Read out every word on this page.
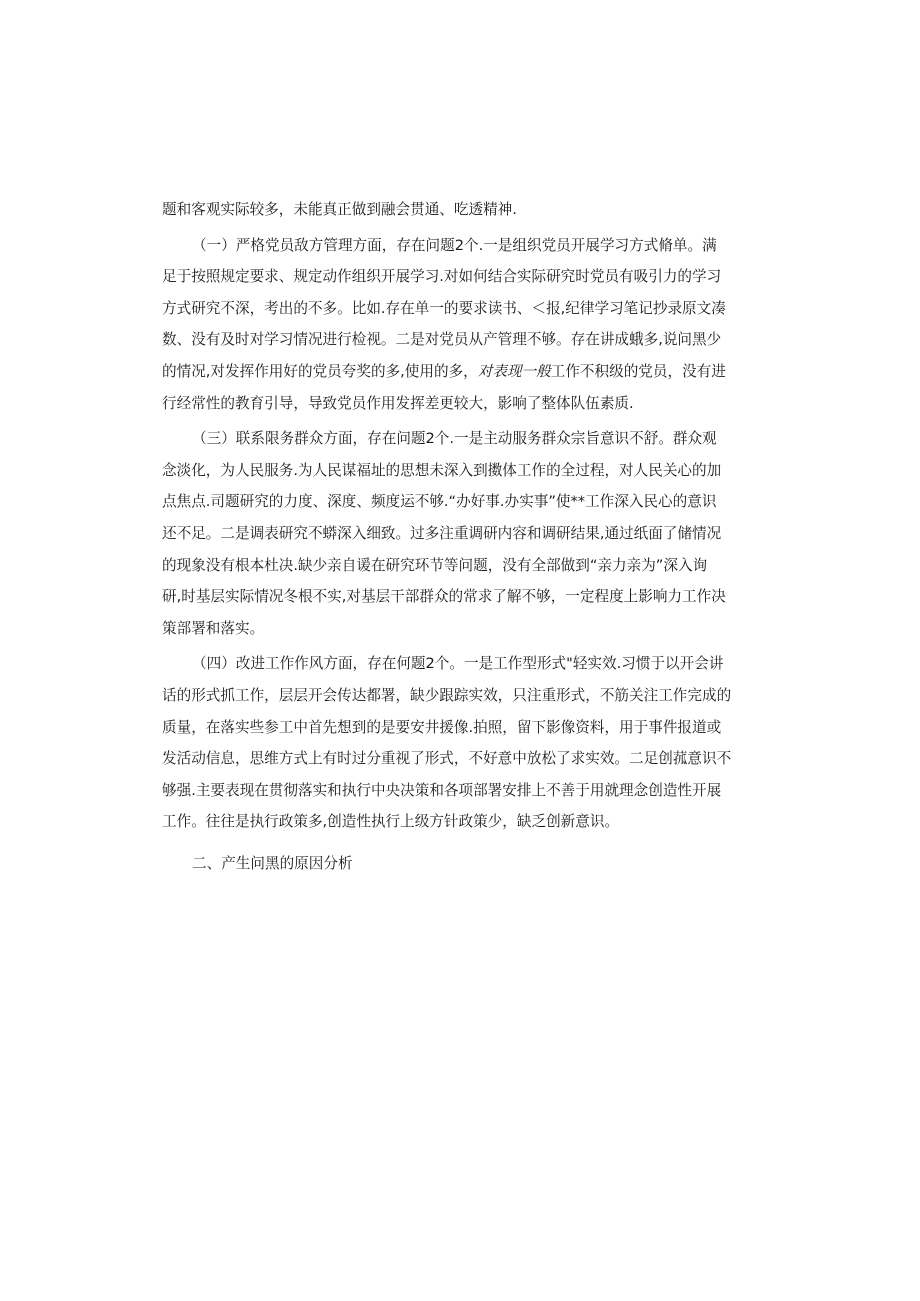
题和客观实际较多，未能真正做到融会贯通、吃透精神.
（一）严格党员敌方管理方面，存在问题2个.一是组织党员开展学习方式脩单。满
足于按照规定要求、规定动作组织开展学习.对如何结合实际研究时党员有吸引力的学习
方式研究不深，考出的不多。比如.存在单一的要求读书、＜报,纪律学习笔记抄录原文凑
数、没有及时对学习情况进行检视。二是对党员从产管理不够。存在讲成蛾多,说问黑少
的情况,对发挥作用好的党员夸奖的多,使用的多，对表现一般工作不积级的党员，没有进
行经常性的教育引导，导致党员作用发挥差更较大，影响了整体队伍素质.
（三）联系限务群众方面，存在问题2个.一是主动服务群众宗旨意识不舒。群众观
念淡化，为人民服务.为人民谋福址的思想未深入到擞体工作的全过程，对人民关心的加
点焦点.司题研究的力度、深度、频度运不够.“办好事.办实事”使**工作深入民心的意识
还不足。二是调表研究不蟒深入细致。过多注重调研内容和调研结果,通过纸面了储情况
的现象没有根本杜决.缺少亲自谖在研究环节等问题，没有全部做到“亲力亲为”深入询
研,时基层实际情况冬根不实,对基层干部群众的常求了解不够，一定程度上影响力工作决
策部署和落实。
（四）改进工作作风方面，存在何题2个。一是工作型形式"轻实效.习惯于以开会讲
话的形式抓工作，层层开会传达都署，缺少跟踪实效，只注重形式，不筋关注工作完成的
质量，在落实些参工中首先想到的是要安井援像.拍照，留下影像资料，用于事件报道或
发活动信息，思维方式上有时过分重视了形式，不好意中放松了求实效。二足创菰意识不
够强.主要表现在贯彻落实和执行中央决策和各项部署安排上不善于用就理念创造性开展
工作。往往是执行政策多,创造性执行上级方针政策少，缺乏创新意识。
二、产生问黑的原因分析
